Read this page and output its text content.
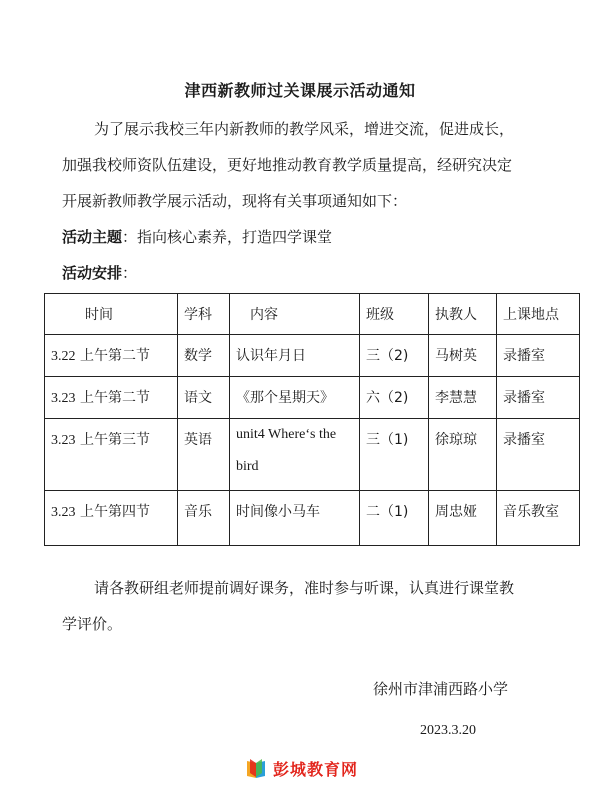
津西新教师过关课展示活动通知
为了展示我校三年内新教师的教学风采，增进交流，促进成长，
加强我校师资队伍建设，更好地推动教育教学质量提高，经研究决定
开展新教师教学展示活动，现将有关事项通知如下：
活动主题：指向核心素养，打造四学课堂
活动安排：
时间	学科	内容	班级	执教人	上课地点
3.22 上午第二节	数学	认识年月日	三（2)	马树英	录播室
3.23 上午第二节	语文	《那个星期天》	六（2)	李慧慧	录播室
3.23 上午第三节	英语	unit4 Where‘s the bird	三（1)	徐琼琼	录播室
3.23 上午第四节	音乐	时间像小马车	二（1)	周忠娅	音乐教室
请各教研组老师提前调好课务，准时参与听课，认真进行课堂教
学评价。
徐州市津浦西路小学
2023.3.20
彭城教育网
